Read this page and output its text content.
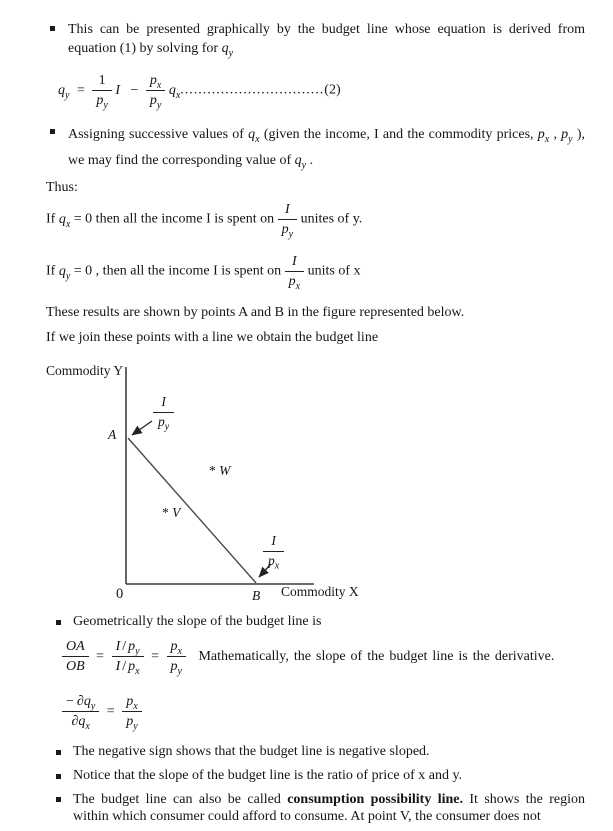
This can be presented graphically by the budget line whose equation is derived from equation (1) by solving for $q_y$
$q_y = \frac{1}{p_y}$ $I - \frac{p_x}{p_y} q_x................................(2)$
Assigning successive values of $q_x$ (given the income, I and the commodity prices, $p_x$ , $p_y$ ), we may find the corresponding value of $q_y$ .
Thus:
If $q_x = 0$ then all the income I is spent on $\frac{I}{p_y}$ unites of y.
If $q_y = 0$ , then all the income I is spent on $\frac{I}{p_x}$ units of x
These results are shown by points A and B in the figure represented below.
If we join these points with a line we obtain the budget line
Commodity Y
A
$\frac{I}{p_y}$
* W
* V
$\frac{I}{p_x}$
0	B Commodity X
Geometrically the slope of the budget line is
$\frac{OA}{OB} = \frac{I / p_y}{I / p_x} = \frac{p_x}{p_y}$ Mathematically, the slope of the budget line is the derivative.
$\frac{- \partial q_y}{\partial q_x} = \frac{p_x}{p_y}$
The negative sign shows that the budget line is negative sloped.
Notice that the slope of the budget line is the ratio of price of x and y.
The budget line can also be called consumption possibility line. It shows the region within which consumer could afford to consume. At point V, the consumer does not
